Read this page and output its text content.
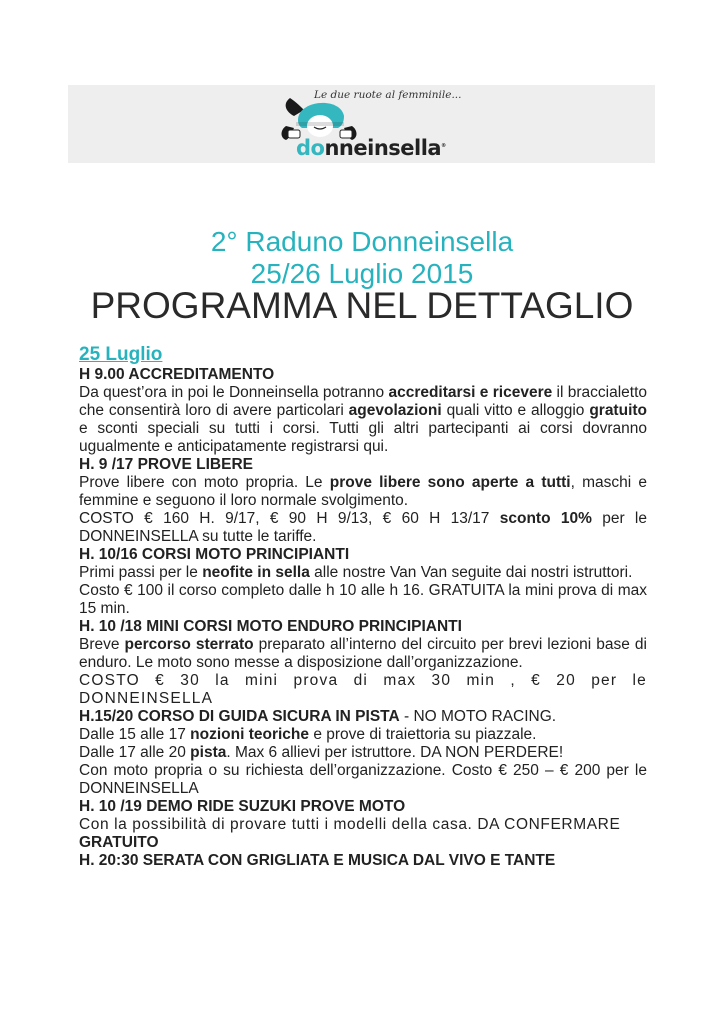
Le due ruote al femminile...
donneinsella®
2° Raduno Donneinsella
25/26 Luglio 2015
PROGRAMMA NEL DETTAGLIO

25 Luglio

H 9.00 ACCREDITAMENTO

Da quest’ora in poi le Donneinsella potranno accreditarsi e ricevere il braccialetto che consentirà loro di avere particolari agevolazioni quali vitto e alloggio gratuito e sconti speciali su tutti i corsi. Tutti gli altri partecipanti ai corsi dovranno ugualmente e anticipatamente registrarsi qui.

H. 9 /17 PROVE LIBERE

Prove libere con moto propria. Le prove libere sono aperte a tutti, maschi e femmine e seguono il loro normale svolgimento.

COSTO € 160 H. 9/17, € 90 H 9/13, € 60 H 13/17 sconto 10% per le DONNEINSELLA su tutte le tariffe.

H. 10/16 CORSI MOTO PRINCIPIANTI

Primi passi per le neofite in sella alle nostre Van Van seguite dai nostri istruttori.

Costo € 100 il corso completo dalle h 10 alle h 16. GRATUITA la mini prova di max 15 min.

H. 10 /18 MINI CORSI MOTO ENDURO PRINCIPIANTI

Breve percorso sterrato preparato all’interno del circuito per brevi lezioni base di enduro. Le moto sono messe a disposizione dall’organizzazione.

COSTO € 30 la mini prova di max 30 min , € 20 per le DONNEINSELLA

H.15/20 CORSO DI GUIDA SICURA IN PISTA - NO MOTO RACING.

Dalle 15 alle 17 nozioni teoriche e prove di traiettoria su piazzale.

Dalle 17 alle 20 pista. Max 6 allievi per istruttore. DA NON PERDERE!

Con moto propria o su richiesta dell’organizzazione. Costo € 250 – € 200 per le DONNEINSELLA

H. 10 /19 DEMO RIDE SUZUKI PROVE MOTO

Con la possibilità di provare tutti i modelli della casa. DA CONFERMARE

GRATUITO

H. 20:30 SERATA CON GRIGLIATA E MUSICA DAL VIVO E TANTE
